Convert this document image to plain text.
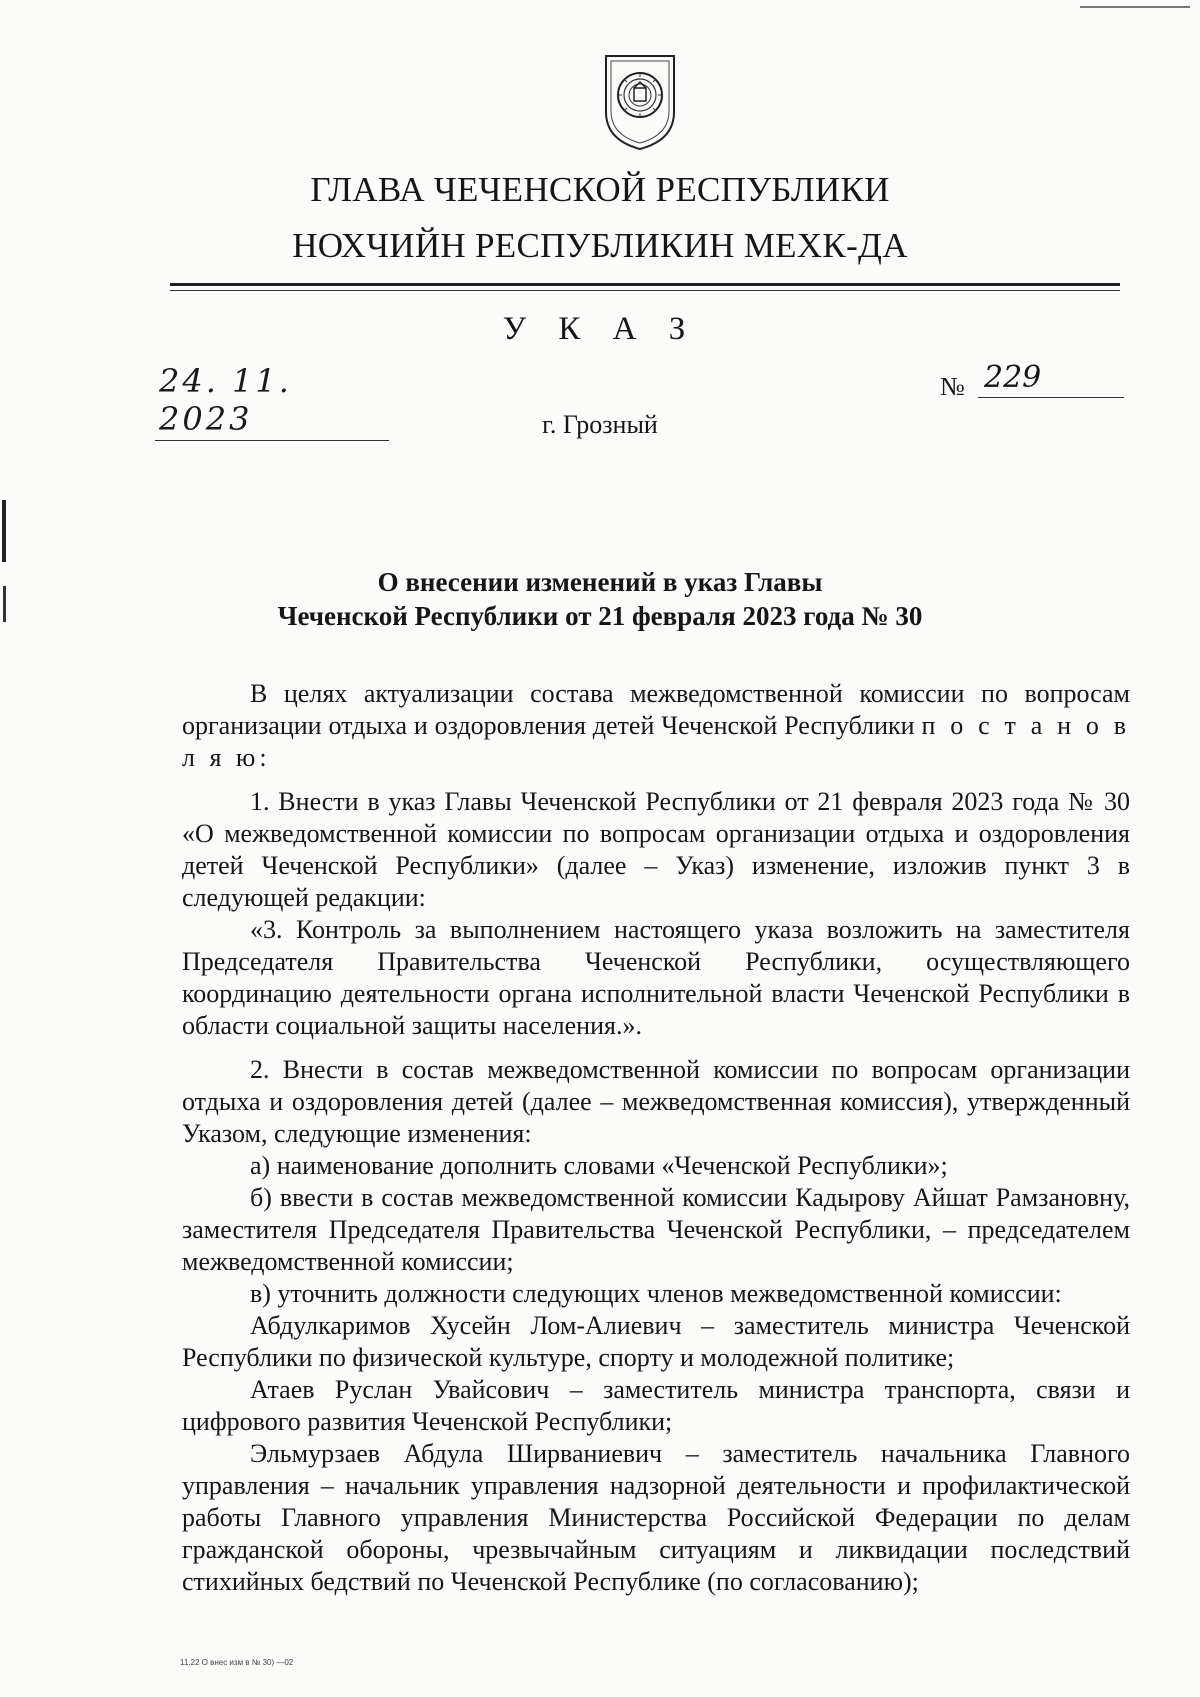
ГЛАВА ЧЕЧЕНСКОЙ РЕСПУБЛИКИ
НОХЧИЙН РЕСПУБЛИКИН МЕХК-ДА
У К А З
24. 11. 2023
№ 229
г. Грозный
О внесении изменений в указ Главы
Чеченской Республики от 21 февраля 2023 года № 30

В целях актуализации состава межведомственной комиссии по вопросам организации отдыха и оздоровления детей Чеченской Республики п о с т а н о в л я ю:

1. Внести в указ Главы Чеченской Республики от 21 февраля 2023 года № 30 «О межведомственной комиссии по вопросам организации отдыха и оздоровления детей Чеченской Республики» (далее – Указ) изменение, изложив пункт 3 в следующей редакции:

«3. Контроль за выполнением настоящего указа возложить на заместителя Председателя Правительства Чеченской Республики, осуществляющего координацию деятельности органа исполнительной власти Чеченской Республики в области социальной защиты населения.».

2. Внести в состав межведомственной комиссии по вопросам организации отдыха и оздоровления детей (далее – межведомственная комиссия), утвержденный Указом, следующие изменения:

а) наименование дополнить словами «Чеченской Республики»;

б) ввести в состав межведомственной комиссии Кадырову Айшат Рамзановну, заместителя Председателя Правительства Чеченской Республики, – председателем межведомственной комиссии;

в) уточнить должности следующих членов межведомственной комиссии:

Абдулкаримов Хусейн Лом-Алиевич – заместитель министра Чеченской Республики по физической культуре, спорту и молодежной политике;

Атаев Руслан Увайсович – заместитель министра транспорта, связи и цифрового развития Чеченской Республики;

Эльмурзаев Абдула Ширваниевич – заместитель начальника Главного управления – начальник управления надзорной деятельности и профилактической работы Главного управления Министерства Российской Федерации по делам гражданской обороны, чрезвычайным ситуациям и ликвидации последствий стихийных бедствий по Чеченской Республике (по согласованию);

11.22 О внес изм в № 30) —02
